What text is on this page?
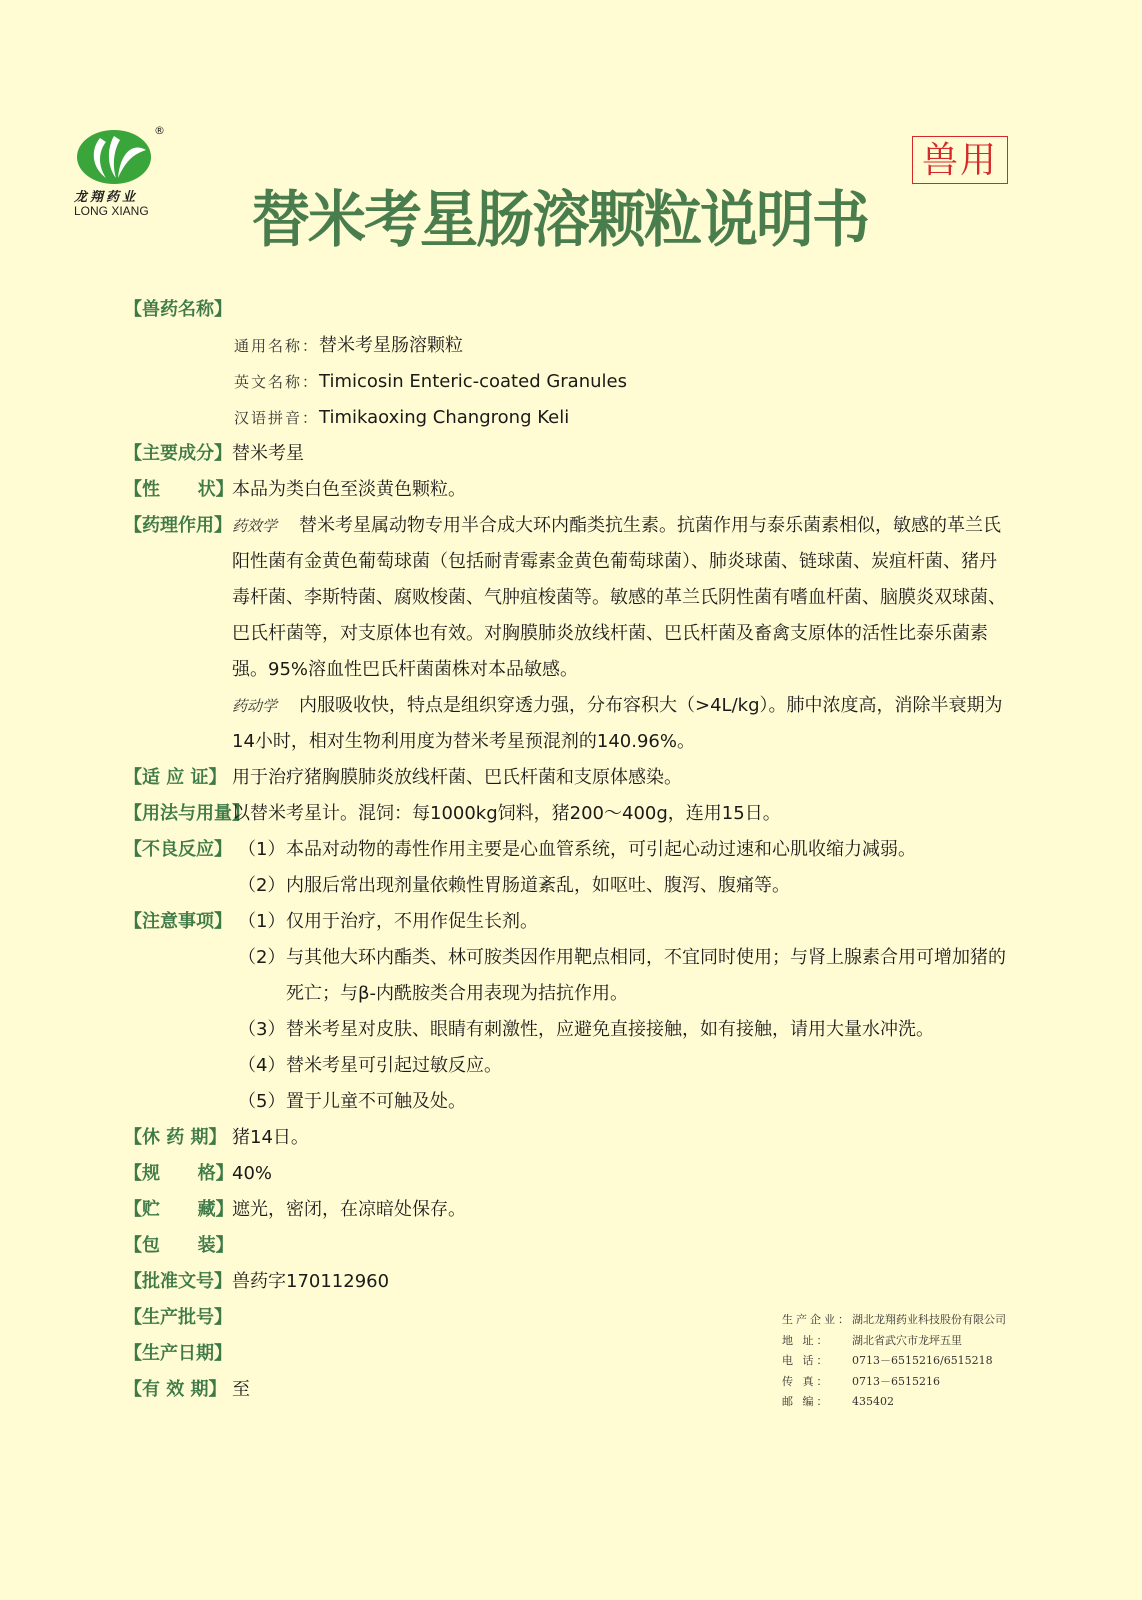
®
龙翔药业
LONG XIANG 替米考星肠溶颗粒说明书
兽用
【兽药名称】
通用名称： 替米考星肠溶颗粒
英文名称： Timicosin Enteric-coated Granules
汉语拼音： Timikaoxing Changrong Keli
【主要成分】 替米考星
【性      状】
本品为类白色至淡黄色颗粒。
【药理作用】 药效学 替米考星属动物专用半合成大环内酯类抗生素。抗菌作用与泰乐菌素相似，敏感的革兰氏阳性菌有金黄色葡萄球菌（包括耐青霉素金黄色葡萄球菌）、肺炎球菌、链球菌、炭疽杆菌、猪丹毒杆菌、李斯特菌、腐败梭菌、气肿疽梭菌等。敏感的革兰氏阴性菌有嗜血杆菌、脑膜炎双球菌、巴氏杆菌等，对支原体也有效。对胸膜肺炎放线杆菌、巴氏杆菌及畜禽支原体的活性比泰乐菌素强。95%溶血性巴氏杆菌菌株对本品敏感。
药动学 内服吸收快，特点是组织穿透力强，分布容积大（>4L/kg）。肺中浓度高，消除半衰期为14小时，相对生物利用度为替米考星预混剂的140.96%。
【适 应 证】 用于治疗猪胸膜肺炎放线杆菌、巴氏杆菌和支原体感染。
【用法与用量】
以替米考星计。混饲：每1000kg饲料，猪200～400g，连用15日。
【不良反应】 （1） 本品对动物的毒性作用主要是心血管系统，可引起心动过速和心肌收缩力减弱。
（2） 内服后常出现剂量依赖性胃肠道紊乱，如呕吐、腹泻、腹痛等。
【注意事项】 （1） 仅用于治疗，不用作促生长剂。
（2） 与其他大环内酯类、林可胺类因作用靶点相同，不宜同时使用；与肾上腺素合用可增加猪的死亡；与β-内酰胺类合用表现为拮抗作用。
（3） 替米考星对皮肤、眼睛有刺激性，应避免直接接触，如有接触，请用大量水冲洗。
（4） 替米考星可引起过敏反应。
（5） 置于儿童不可触及处。
【休 药 期】 猪14日。
【规      格】
40%
【贮      藏】
遮光，密闭，在凉暗处保存。
【包      装】
【批准文号】 兽药字170112960
【生产批号】
【生产日期】
【有 效 期】 至
生产企业：湖北龙翔药业科技股份有限公司
地 址： 湖北省武穴市龙坪五里
电 话： 0713－6515216/6515218
传 真： 0713－6515216
邮 编： 435402
